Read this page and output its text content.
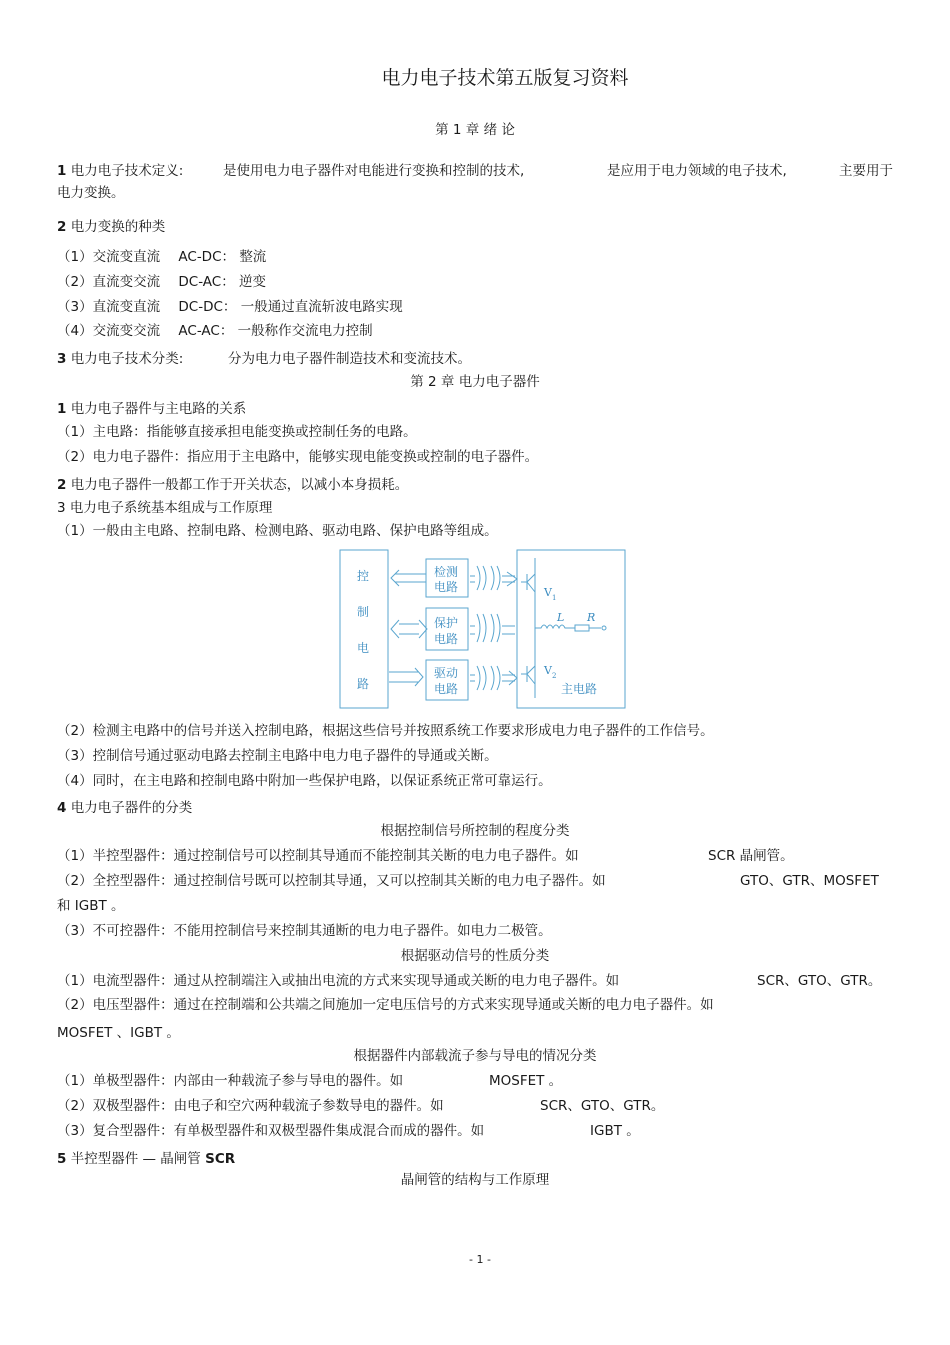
电力电子技术第五版复习资料
第 1 章 绪 论
1 电力电子技术定义:	是使用电力电子器件对电能进行变换和控制的技术,	是应用于电力领域的电子技术,	主要用于
电力变换。
2 电力变换的种类
（1）交流变直流 AC-DC： 整流
（2）直流变交流 DC-AC： 逆变
（3）直流变直流 DC-DC： 一般通过直流斩波电路实现
（4）交流变交流 AC-AC： 一般称作交流电力控制
3 电力电子技术分类:	分为电力电子器件制造技术和变流技术。
第 2 章 电力电子器件
1 电力电子器件与主电路的关系
（1）主电路：指能够直接承担电能变换或控制任务的电路。
（2）电力电子器件：指应用于主电路中，能够实现电能变换或控制的电子器件。
2 电力电子器件一般都工作于开关状态，以减小本身损耗。
3 电力电子系统基本组成与工作原理
（1）一般由主电路、控制电路、检测电路、驱动电路、保护电路等组成。
控
制
电
路
检测
电路
保护
电路
驱动
电路
V 1
V 2
L R
主电路
（2）检测主电路中的信号并送入控制电路，根据这些信号并按照系统工作要求形成电力电子器件的工作信号。
（3）控制信号通过驱动电路去控制主电路中电力电子器件的导通或关断。
（4）同时，在主电路和控制电路中附加一些保护电路，以保证系统正常可靠运行。
4 电力电子器件的分类
根据控制信号所控制的程度分类
（1）半控型器件：通过控制信号可以控制其导通而不能控制其关断的电力电子器件。如	SCR 晶闸管。
（2）全控型器件：通过控制信号既可以控制其导通，又可以控制其关断的电力电子器件。如	GTO、GTR、MOSFET
和 IGBT 。
（3）不可控器件：不能用控制信号来控制其通断的电力电子器件。如电力二极管。
根据驱动信号的性质分类
（1）电流型器件：通过从控制端注入或抽出电流的方式来实现导通或关断的电力电子器件。如	SCR、GTO、GTR。
（2）电压型器件：通过在控制端和公共端之间施加一定电压信号的方式来实现导通或关断的电力电子器件。如
MOSFET 、IGBT 。
根据器件内部载流子参与导电的情况分类
（1）单极型器件：内部由一种载流子参与导电的器件。如	MOSFET 。
（2）双极型器件：由电子和空穴两种载流子参数导电的器件。如	SCR、GTO、GTR。
（3）复合型器件：有单极型器件和双极型器件集成混合而成的器件。如	IGBT 。
5 半控型器件 — 晶闸管 SCR
晶闸管的结构与工作原理
- 1 -
